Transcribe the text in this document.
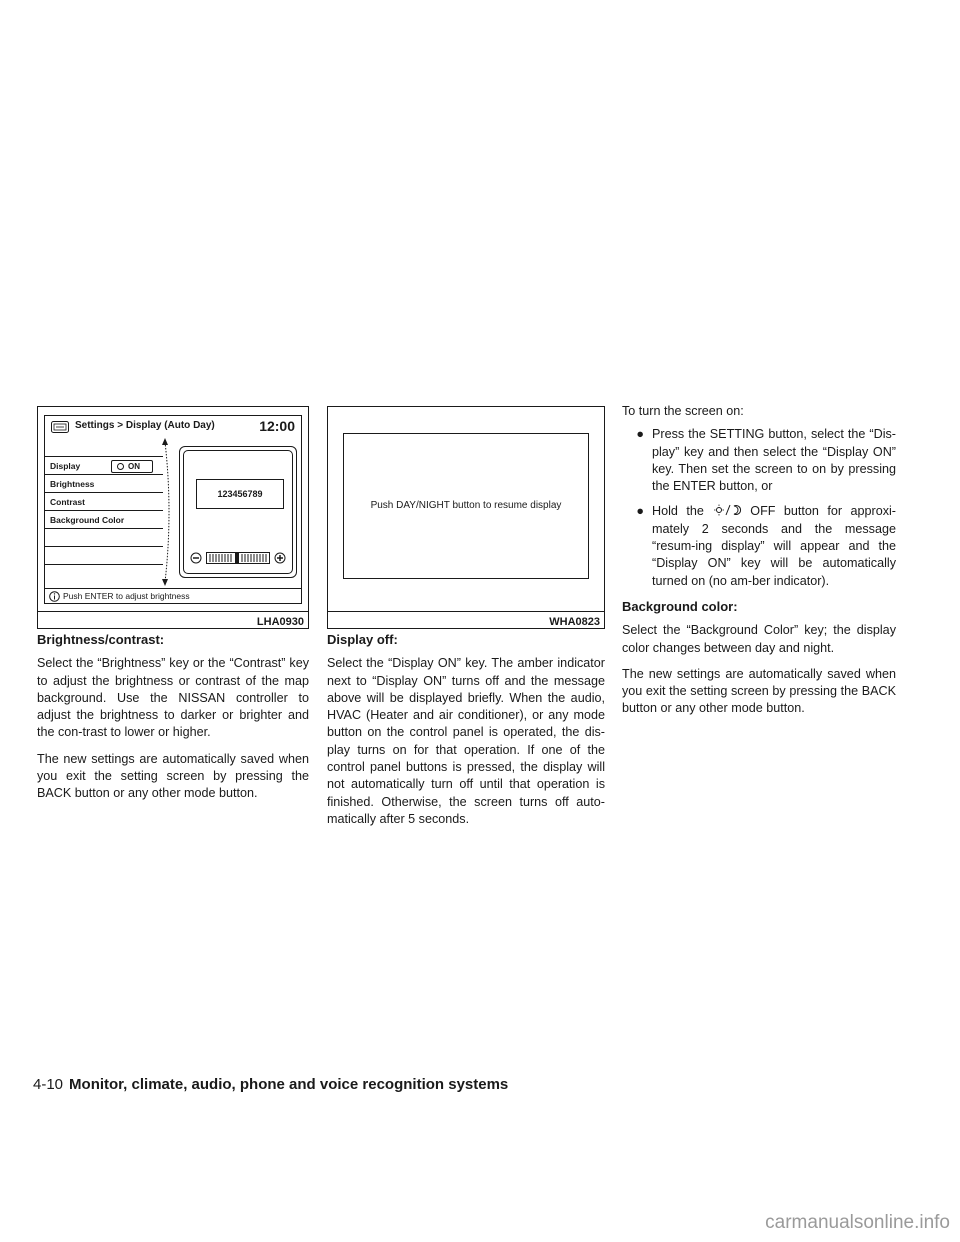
Settings > Display (Auto Day)	12:00
Display	ON
Brightness
Contrast
Background Color
123456789
Push ENTER to adjust brightness
LHA0930
Push DAY/NIGHT button to resume display
WHA0823
Brightness/contrast:

Select the “Brightness” key or the “Contrast” key to adjust the brightness or contrast of the map background. Use the NISSAN controller to adjust the brightness to darker or brighter and the con-trast to lower or higher.

The new settings are automatically saved when you exit the setting screen by pressing the BACK button or any other mode button.

Display off:

Select the “Display ON” key. The amber indicator next to “Display ON” turns off and the message above will be displayed briefly. When the audio, HVAC (Heater and air conditioner), or any mode button on the control panel is operated, the dis-play turns on for that operation. If one of the control panel buttons is pressed, the display will not automatically turn off until that operation is finished. Otherwise, the screen turns off auto-matically after 5 seconds.

To turn the screen on:

● Press the SETTING button, select the “Dis-play” key and then select the “Display ON” key. Then set the screen to on by pressing the ENTER button, or
● Hold the	OFF button for approxi-mately 2 seconds and the message “resum-ing display” will appear and the “Display ON” key will be automatically turned on (no am-ber indicator).
Background color:

Select the “Background Color” key; the display color changes between day and night.

The new settings are automatically saved when you exit the setting screen by pressing the BACK button or any other mode button.

4-10 Monitor, climate, audio, phone and voice recognition systems
carmanualsonline.info
